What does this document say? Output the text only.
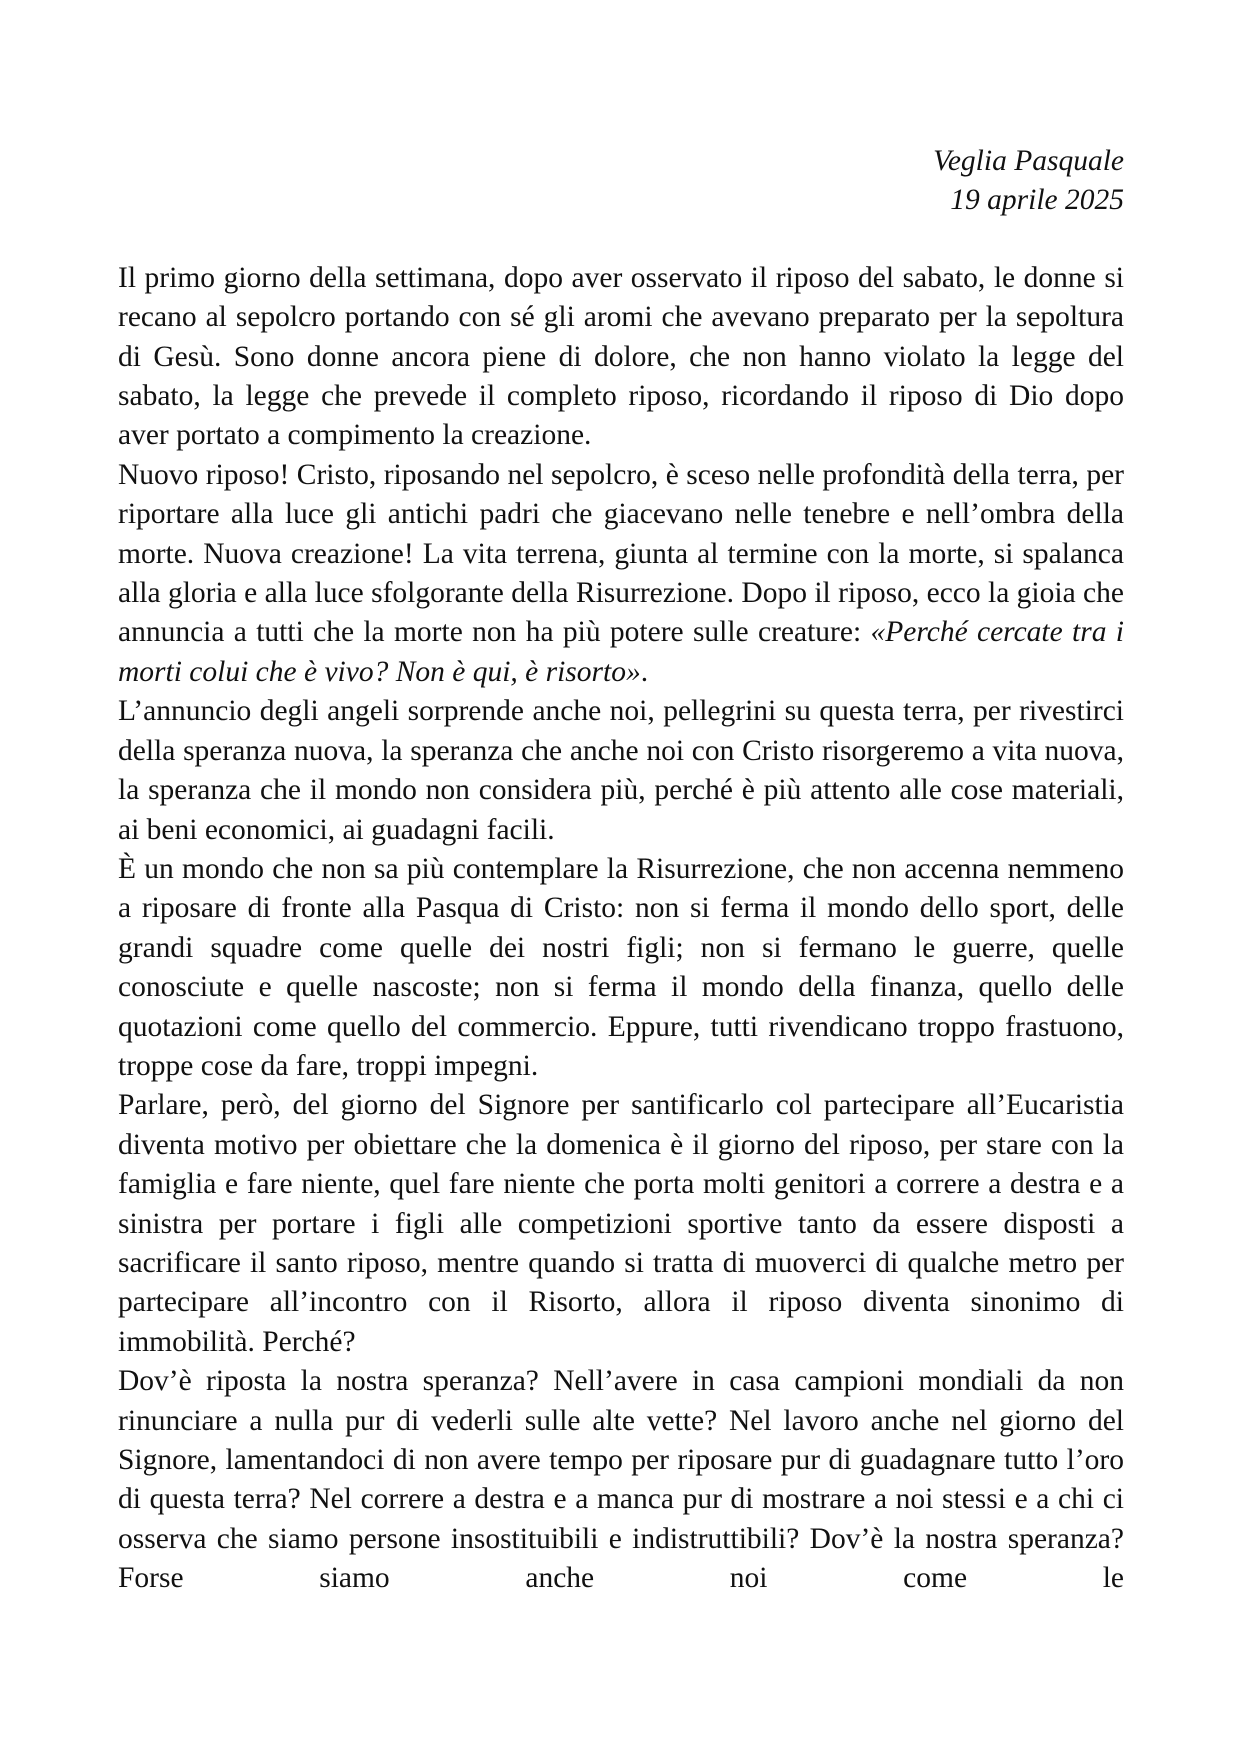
Veglia Pasquale
19 aprile 2025

Il primo giorno della settimana, dopo aver osservato il riposo del sabato, le donne si recano al sepolcro portando con sé gli aromi che avevano preparato per la sepoltura di Gesù. Sono donne ancora piene di dolore, che non hanno violato la legge del sabato, la legge che prevede il completo riposo, ricordando il riposo di Dio dopo aver portato a compimento la creazione.

Nuovo riposo! Cristo, riposando nel sepolcro, è sceso nelle profondità della terra, per riportare alla luce gli antichi padri che giacevano nelle tenebre e nell’ombra della morte. Nuova creazione! La vita terrena, giunta al termine con la morte, si spalanca alla gloria e alla luce sfolgorante della Risurrezione. Dopo il riposo, ecco la gioia che annuncia a tutti che la morte non ha più potere sulle creature: «Perché cercate tra i morti colui che è vivo? Non è qui, è risorto».

L’annuncio degli angeli sorprende anche noi, pellegrini su questa terra, per rivestirci della speranza nuova, la speranza che anche noi con Cristo risorgeremo a vita nuova, la speranza che il mondo non considera più, perché è più attento alle cose materiali, ai beni economici, ai guadagni facili.

È un mondo che non sa più contemplare la Risurrezione, che non accenna nemmeno a riposare di fronte alla Pasqua di Cristo: non si ferma il mondo dello sport, delle grandi squadre come quelle dei nostri figli; non si fermano le guerre, quelle conosciute e quelle nascoste; non si ferma il mondo della finanza, quello delle quotazioni come quello del commercio. Eppure, tutti rivendicano troppo frastuono, troppe cose da fare, troppi impegni.

Parlare, però, del giorno del Signore per santificarlo col partecipare all’Eucaristia diventa motivo per obiettare che la domenica è il giorno del riposo, per stare con la famiglia e fare niente, quel fare niente che porta molti genitori a correre a destra e a sinistra per portare i figli alle competizioni sportive tanto da essere disposti a sacrificare il santo riposo, mentre quando si tratta di muoverci di qualche metro per partecipare all’incontro con il Risorto, allora il riposo diventa sinonimo di immobilità. Perché?

Dov’è riposta la nostra speranza? Nell’avere in casa campioni mondiali da non rinunciare a nulla pur di vederli sulle alte vette? Nel lavoro anche nel giorno del Signore, lamentandoci di non avere tempo per riposare pur di guadagnare tutto l’oro di questa terra? Nel correre a destra e a manca pur di mostrare a noi stessi e a chi ci osserva che siamo persone insostituibili e indistruttibili? Dov’è la nostra speranza? Forse siamo anche noi come le
